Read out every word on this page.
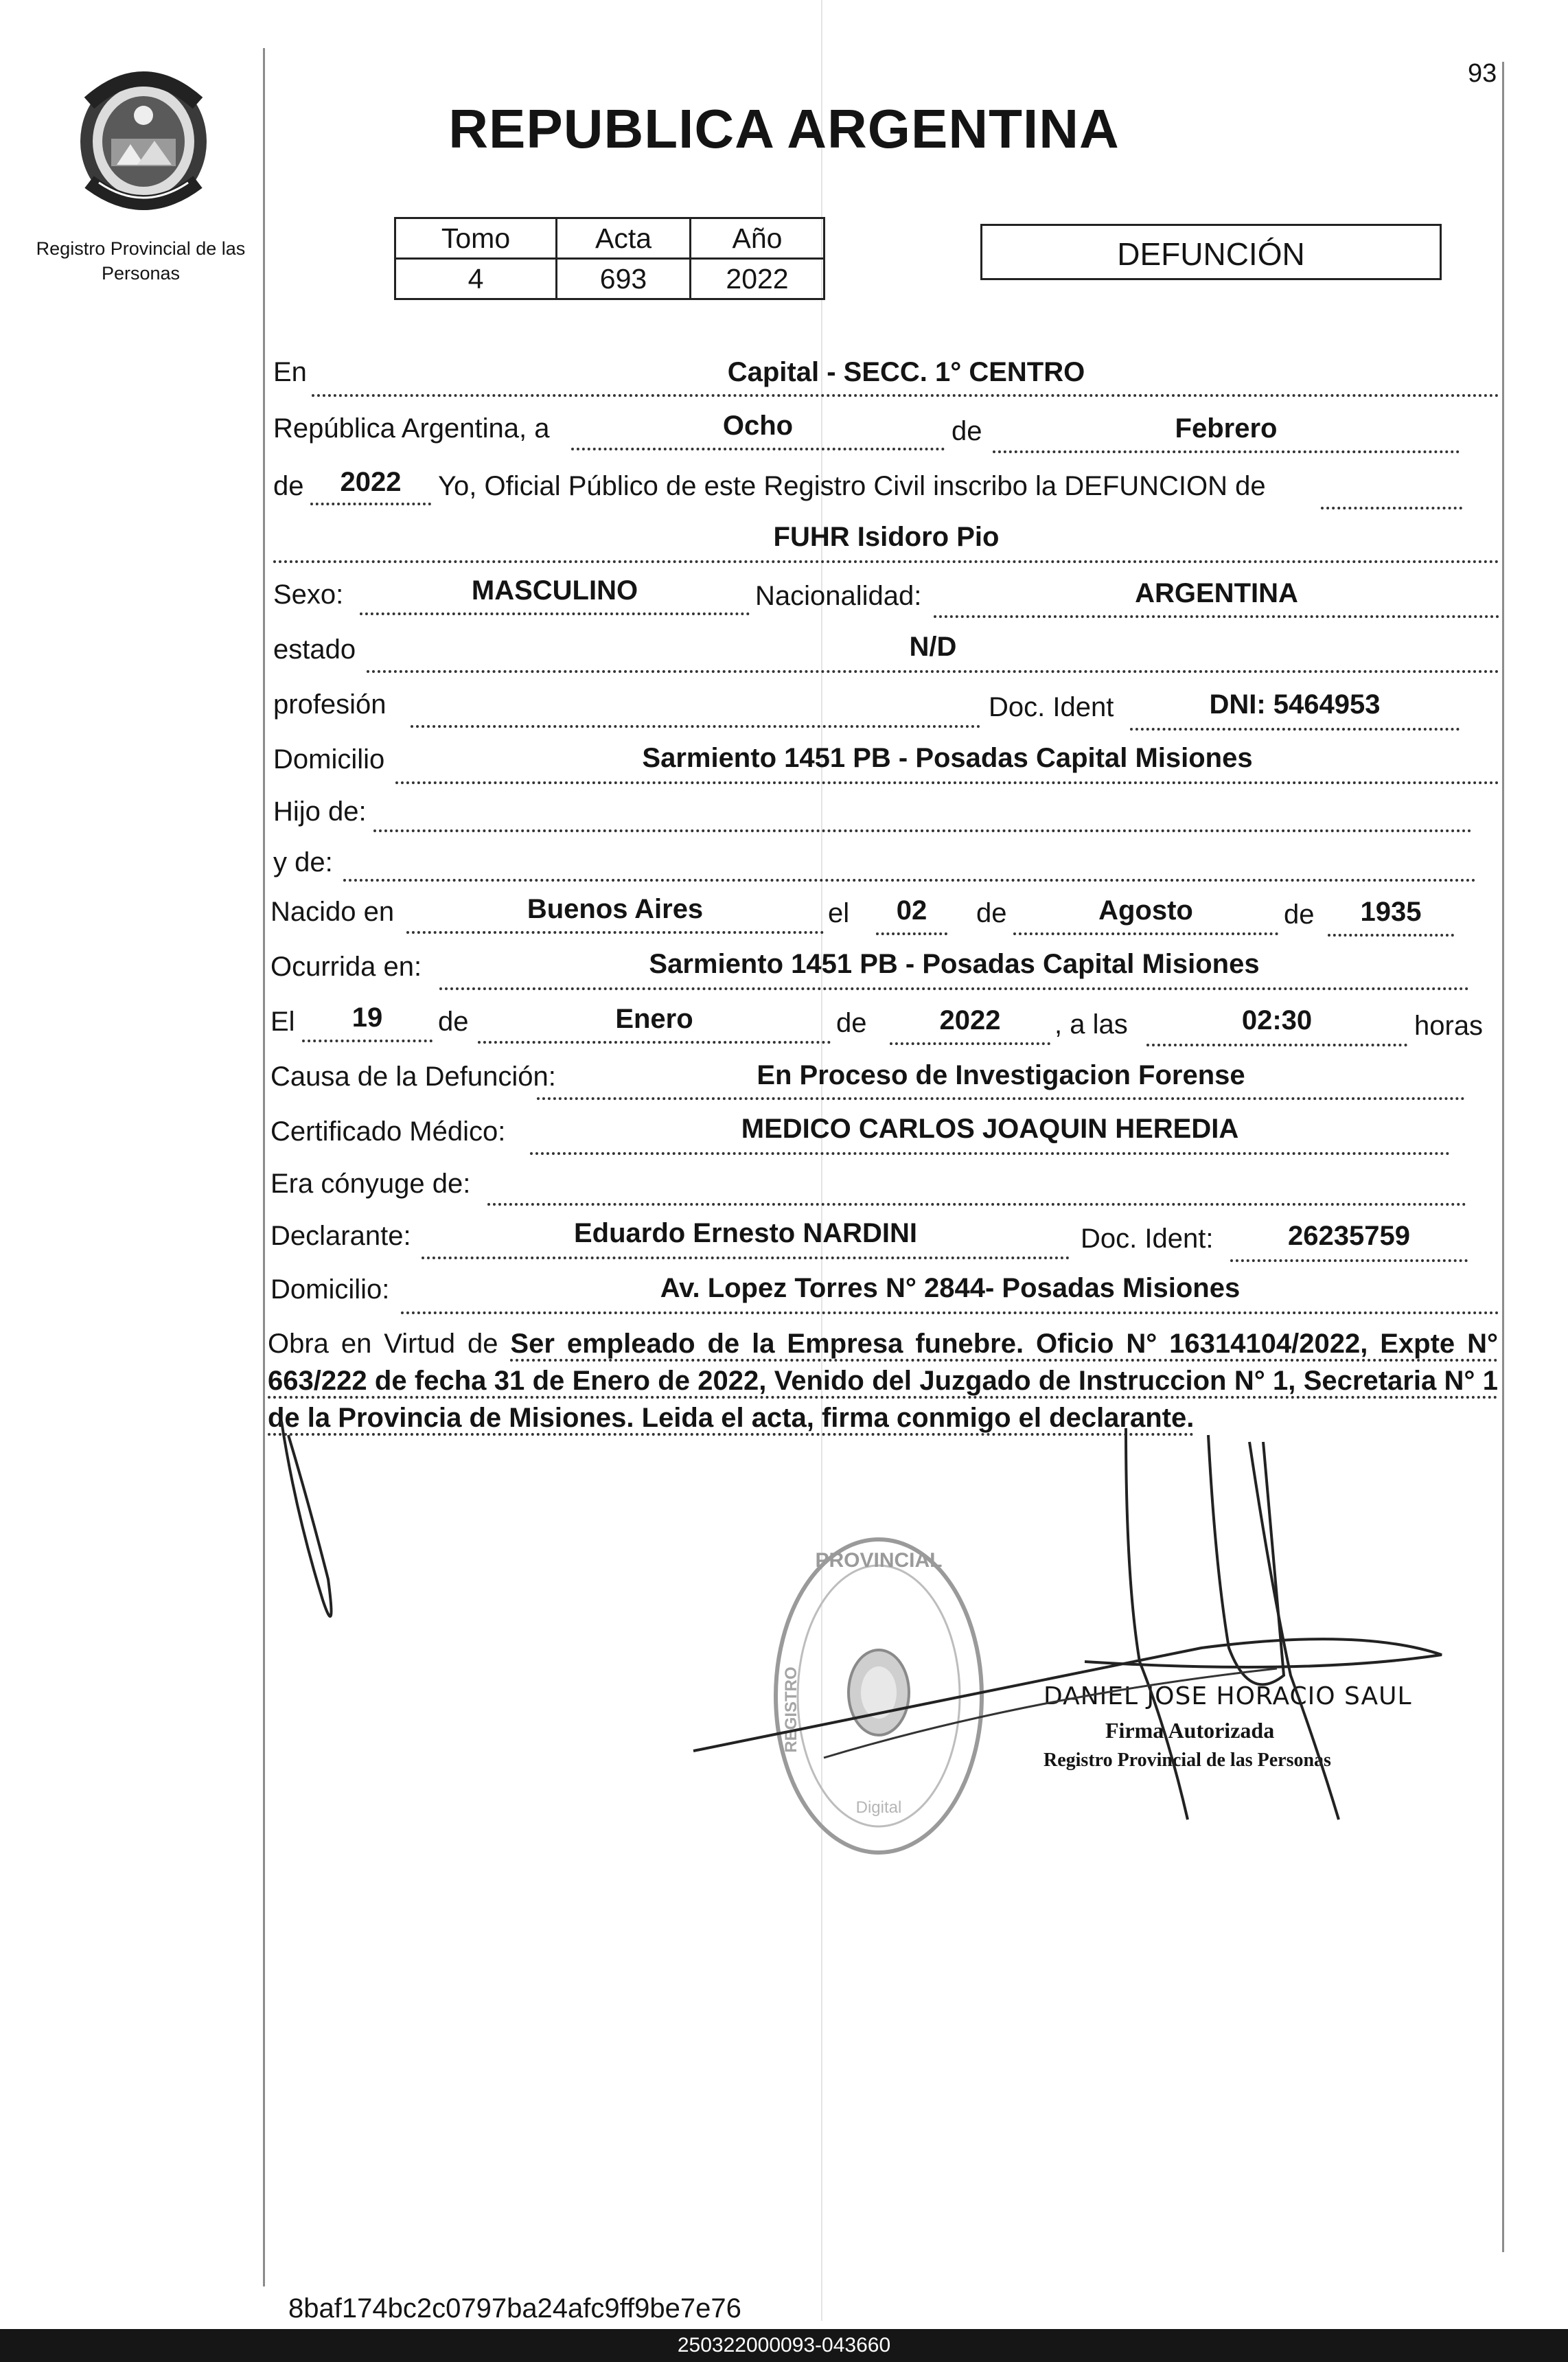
93
Registro Provincial de las Personas
REPUBLICA ARGENTINA
Tomo	Acta	Año
4	693	2022
DEFUNCIÓN
En	Capital - SECC. 1° CENTRO
República Argentina, a	Ocho	de	Febrero
de	2022	Yo, Oficial Público de este Registro Civil inscribo la DEFUNCION de
FUHR Isidoro Pio
Sexo:	MASCULINO	Nacionalidad:	ARGENTINA
estado	N/D
profesión	Doc. Ident	DNI: 5464953
Domicilio	Sarmiento 1451 PB - Posadas Capital Misiones
Hijo de:
y de:
Nacido en	Buenos Aires	el	02	de	Agosto	de	1935
Ocurrida en:	Sarmiento 1451 PB - Posadas Capital Misiones
El	19	de	Enero	de	2022	, a las	02:30	horas
Causa de la Defunción:	En Proceso de Investigacion Forense
Certificado Médico:	MEDICO CARLOS JOAQUIN HEREDIA
Era cónyuge de:
Declarante:	Eduardo Ernesto NARDINI	Doc. Ident:	26235759
Domicilio:	Av. Lopez Torres N° 2844- Posadas Misiones
Obra en Virtud de Ser empleado de la Empresa funebre. Oficio N° 16314104/2022, Expte N° 663/222 de fecha 31 de Enero de 2022, Venido del Juzgado de Instruccion N° 1, Secretaria N° 1 de la Provincia de Misiones. Leida el acta, firma conmigo el declarante.
PROVINCIAL
REGISTRO
Digital
DANIEL JOSE HORACIO SAUL
Firma Autorizada
Registro Provincial de las Personas
8baf174bc2c0797ba24afc9ff9be7e76
250322000093-043660
